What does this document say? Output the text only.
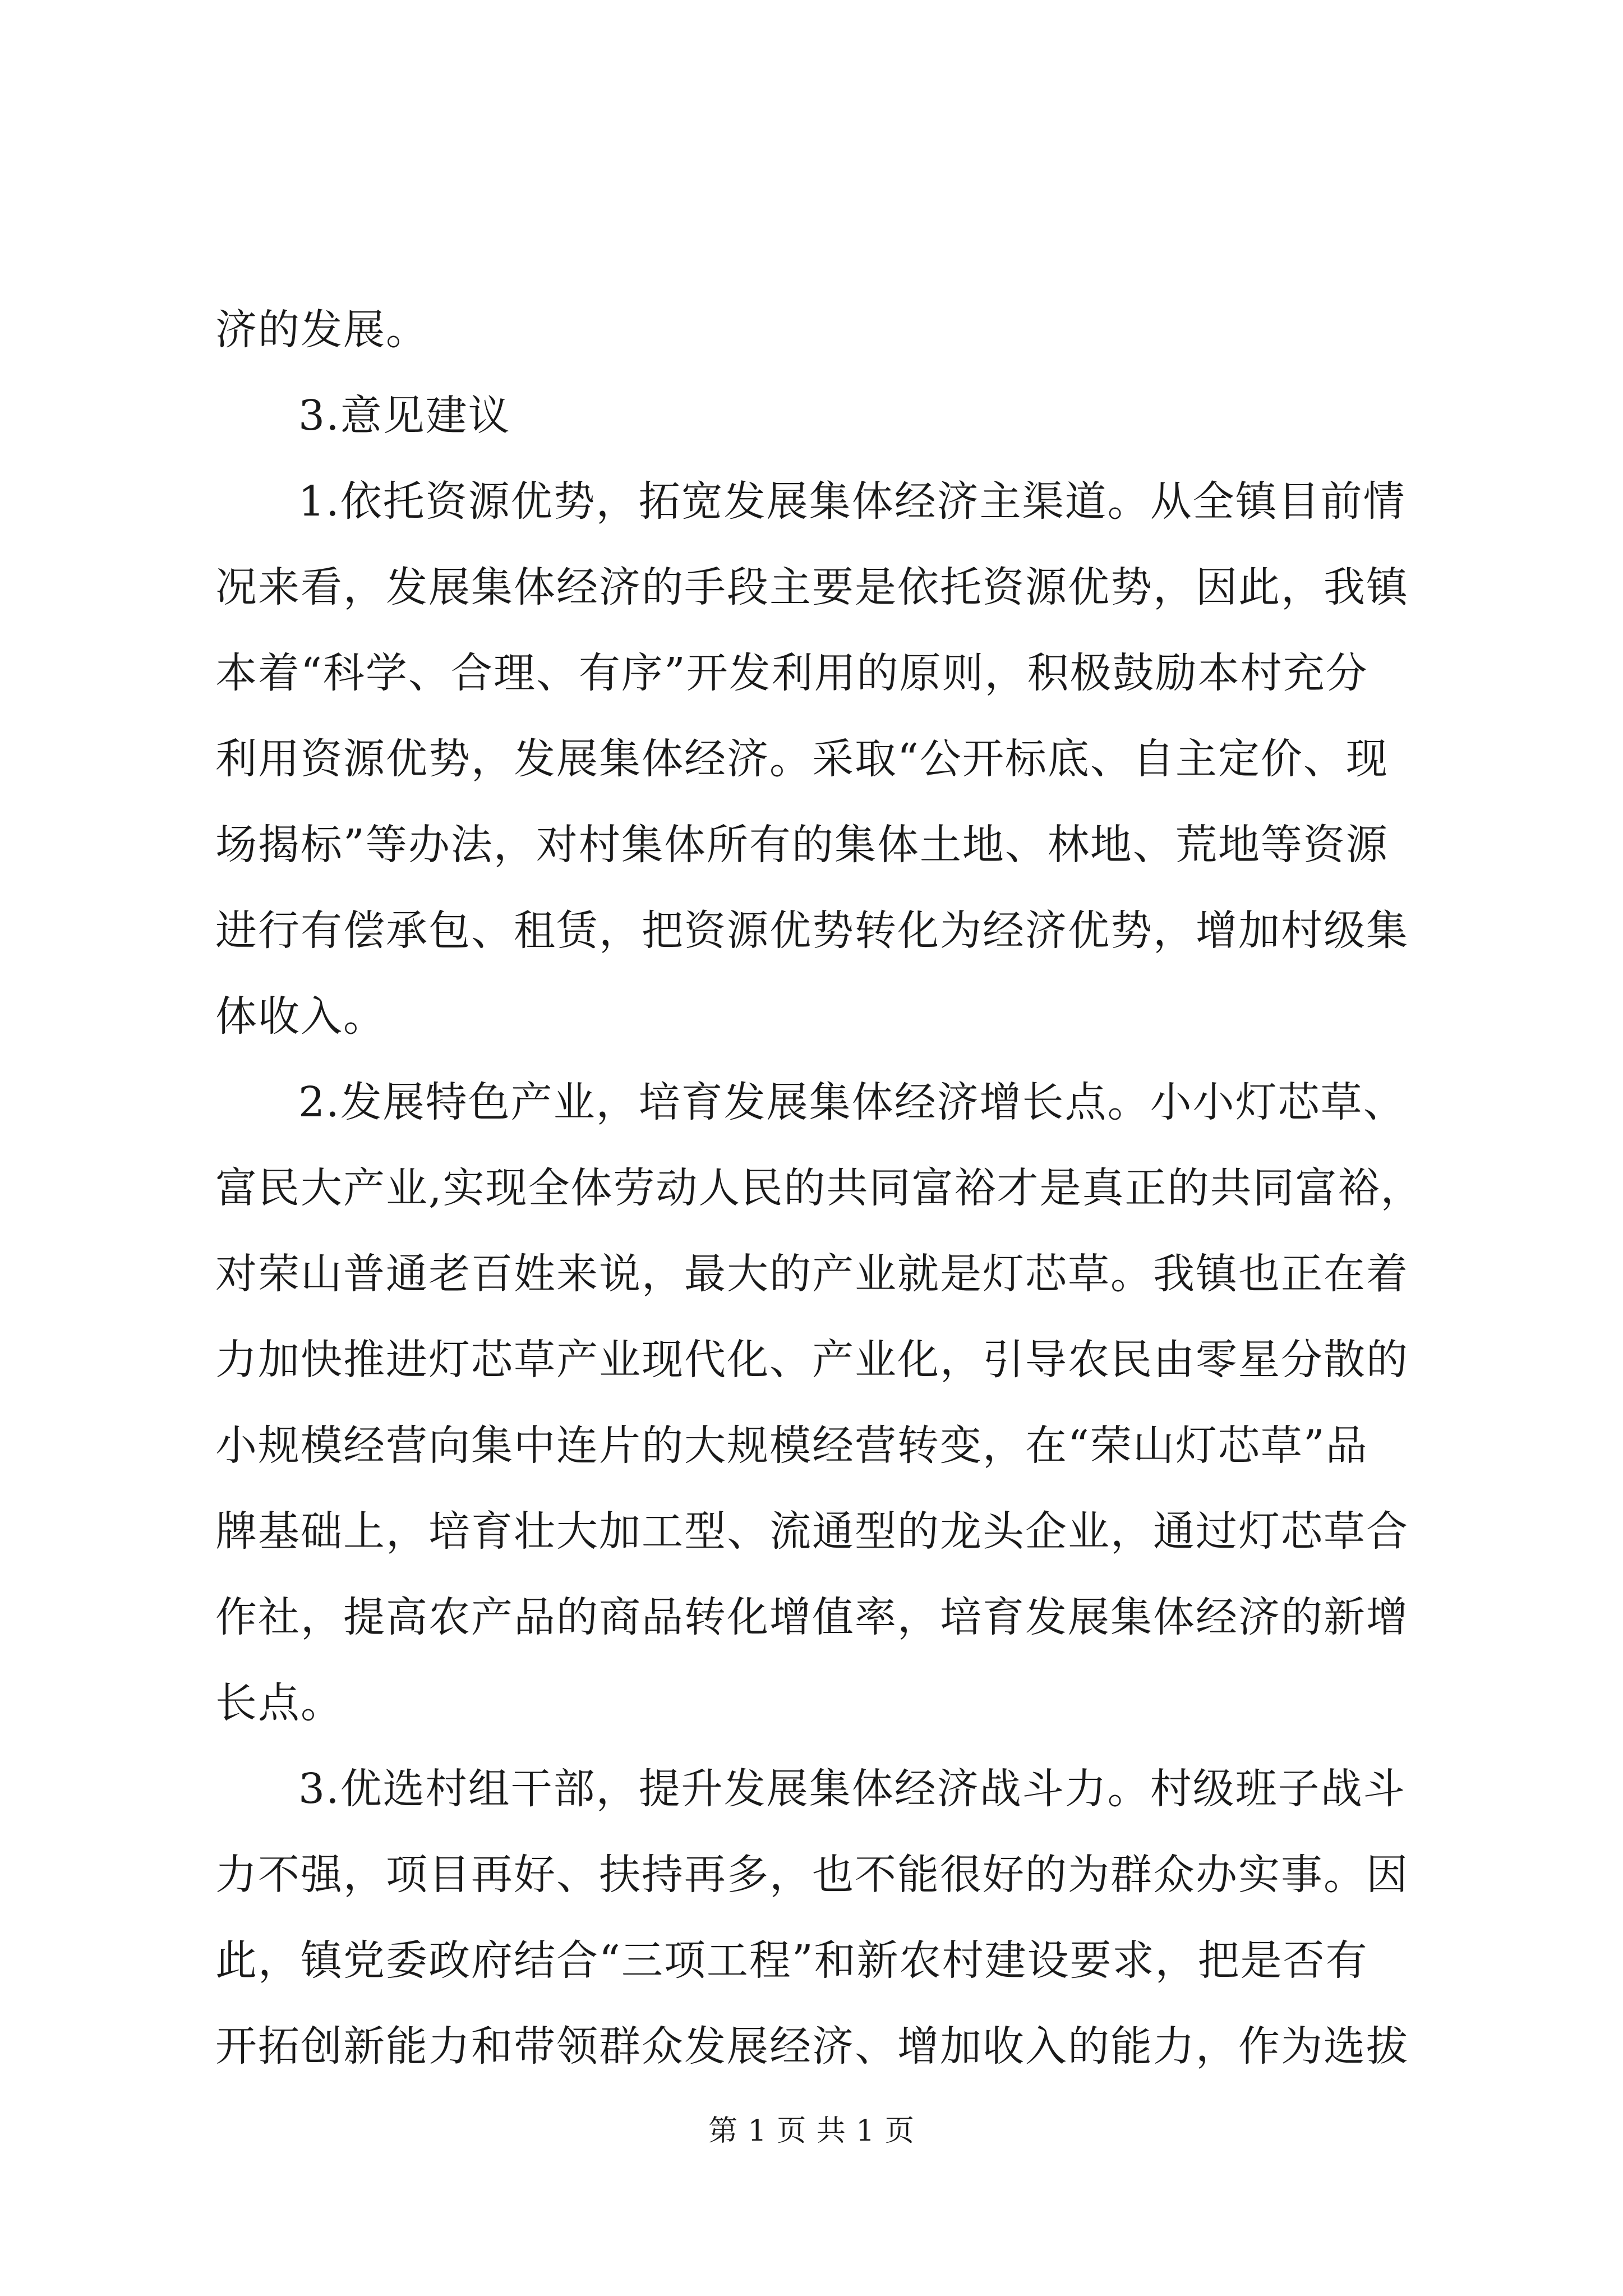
济的发展。
3.意见建议
1.依托资源优势，拓宽发展集体经济主渠道。从全镇目前情
况来看，发展集体经济的手段主要是依托资源优势，因此，我镇
本着“科学、合理、有序”开发利用的原则，积极鼓励本村充分
利用资源优势，发展集体经济。采取“公开标底、自主定价、现
场揭标”等办法，对村集体所有的集体土地、林地、荒地等资源
进行有偿承包、租赁，把资源优势转化为经济优势，增加村级集
体收入。
2.发展特色产业，培育发展集体经济增长点。小小灯芯草、
富民大产业,实现全体劳动人民的共同富裕才是真正的共同富裕，
对荣山普通老百姓来说，最大的产业就是灯芯草。我镇也正在着
力加快推进灯芯草产业现代化、产业化，引导农民由零星分散的
小规模经营向集中连片的大规模经营转变，在“荣山灯芯草”品
牌基础上，培育壮大加工型、流通型的龙头企业，通过灯芯草合
作社，提高农产品的商品转化增值率，培育发展集体经济的新增
长点。
3.优选村组干部，提升发展集体经济战斗力。村级班子战斗
力不强，项目再好、扶持再多，也不能很好的为群众办实事。因
此，镇党委政府结合“三项工程”和新农村建设要求，把是否有
开拓创新能力和带领群众发展经济、增加收入的能力，作为选拔
第 1 页 共 1 页
